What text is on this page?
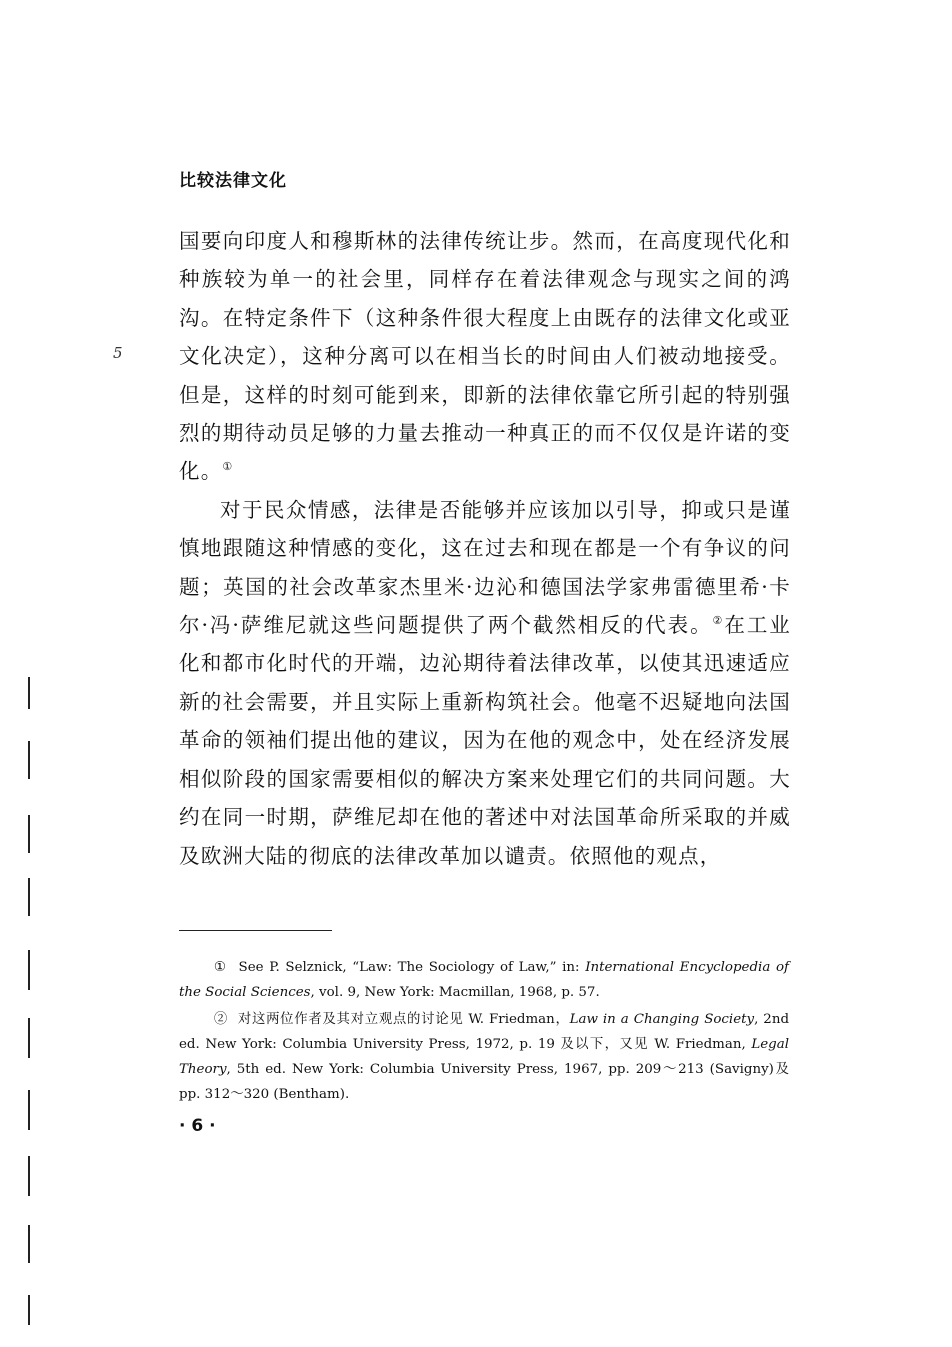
比较法律文化
5

国要向印度人和穆斯林的法律传统让步。然而，在高度现代化和种族较为单一的社会里，同样存在着法律观念与现实之间的鸿沟。在特定条件下（这种条件很大程度上由既存的法律文化或亚文化决定），这种分离可以在相当长的时间由人们被动地接受。但是，这样的时刻可能到来，即新的法律依靠它所引起的特别强烈的期待动员足够的力量去推动一种真正的而不仅仅是许诺的变化。①

对于民众情感，法律是否能够并应该加以引导，抑或只是谨慎地跟随这种情感的变化，这在过去和现在都是一个有争议的问题；英国的社会改革家杰里米·边沁和德国法学家弗雷德里希·卡尔·冯·萨维尼就这些问题提供了两个截然相反的代表。②在工业化和都市化时代的开端，边沁期待着法律改革，以使其迅速适应新的社会需要，并且实际上重新构筑社会。他毫不迟疑地向法国革命的领袖们提出他的建议，因为在他的观念中，处在经济发展相似阶段的国家需要相似的解决方案来处理它们的共同问题。大约在同一时期，萨维尼却在他的著述中对法国革命所采取的并威及欧洲大陆的彻底的法律改革加以谴责。依照他的观点，

① See P. Selznick, “Law: The Sociology of Law,” in: International Encyclopedia of the Social Sciences, vol. 9, New York: Macmillan, 1968, p. 57.

② 对这两位作者及其对立观点的讨论见 W. Friedman，Law in a Changing Society, 2nd ed. New York: Columbia University Press, 1972, p. 19 及以下，又见 W. Friedman, Legal Theory, 5th ed. New York: Columbia University Press, 1967, pp. 209～213 (Savigny)及 pp. 312～320 (Bentham).

· 6 ·
